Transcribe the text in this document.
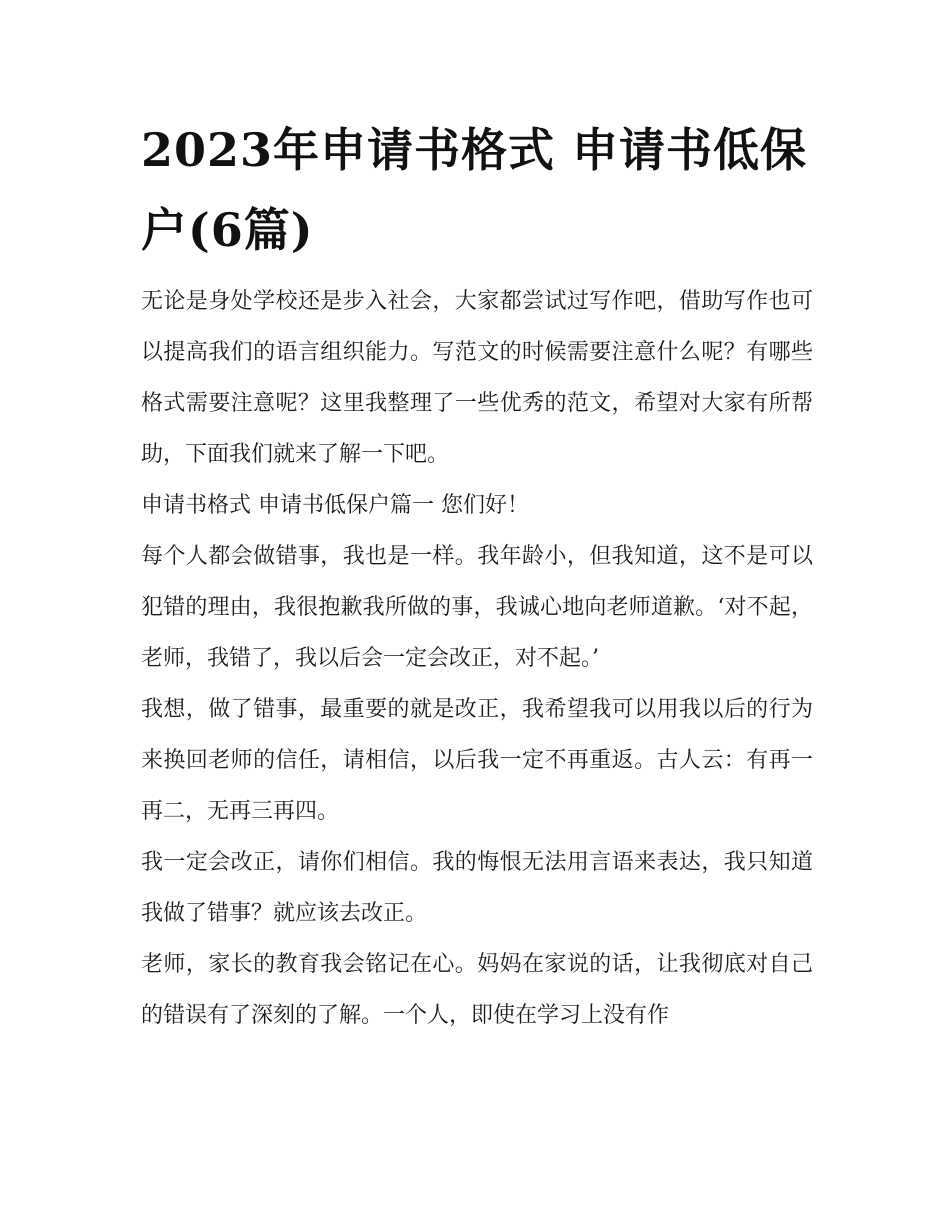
2023年申请书格式 申请书低保户(6篇)

无论是身处学校还是步入社会，大家都尝试过写作吧，借助写作也可以提高我们的语言组织能力。写范文的时候需要注意什么呢？有哪些格式需要注意呢？这里我整理了一些优秀的范文，希望对大家有所帮助，下面我们就来了解一下吧。

申请书格式 申请书低保户篇一 您们好！

每个人都会做错事，我也是一样。我年龄小，但我知道，这不是可以犯错的理由，我很抱歉我所做的事，我诚心地向老师道歉。‘对不起，老师，我错了，我以后会一定会改正，对不起。’

我想，做了错事，最重要的就是改正，我希望我可以用我以后的行为来换回老师的信任，请相信，以后我一定不再重返。古人云：有再一再二，无再三再四。

我一定会改正，请你们相信。我的悔恨无法用言语来表达，我只知道我做了错事？就应该去改正。

老师，家长的教育我会铭记在心。妈妈在家说的话，让我彻底对自己的错误有了深刻的了解。一个人，即使在学习上没有作
